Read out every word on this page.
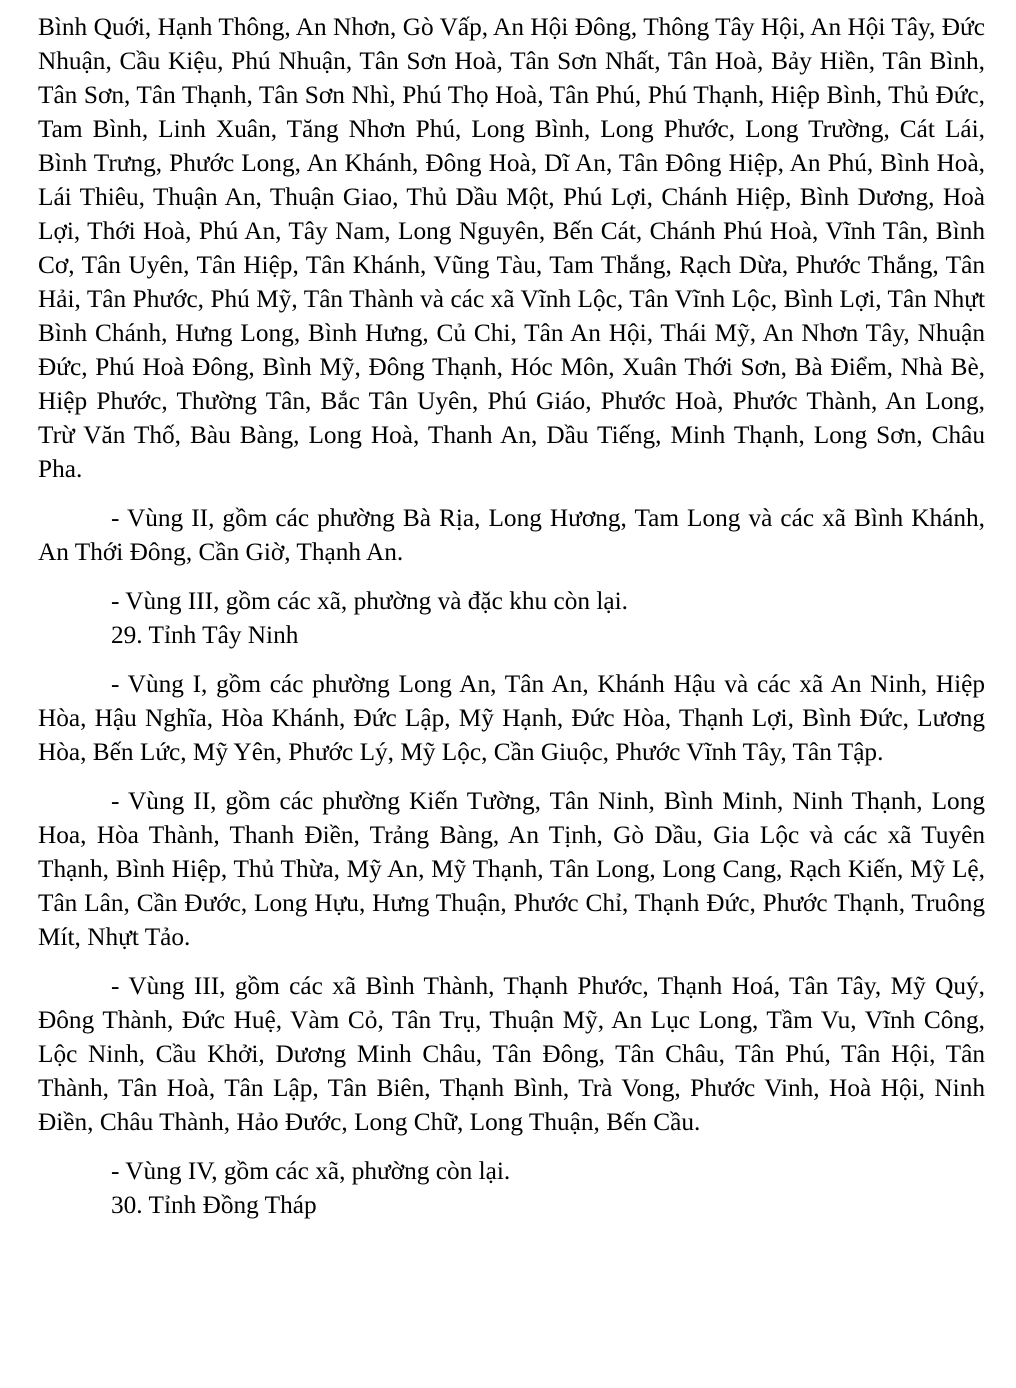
Bình Quới, Hạnh Thông, An Nhơn, Gò Vấp, An Hội Đông, Thông Tây Hội, An Hội Tây, Đức Nhuận, Cầu Kiệu, Phú Nhuận, Tân Sơn Hoà, Tân Sơn Nhất, Tân Hoà, Bảy Hiền, Tân Bình, Tân Sơn, Tân Thạnh, Tân Sơn Nhì, Phú Thọ Hoà, Tân Phú, Phú Thạnh, Hiệp Bình, Thủ Đức, Tam Bình, Linh Xuân, Tăng Nhơn Phú, Long Bình, Long Phước, Long Trường, Cát Lái, Bình Trưng, Phước Long, An Khánh, Đông Hoà, Dĩ An, Tân Đông Hiệp, An Phú, Bình Hoà, Lái Thiêu, Thuận An, Thuận Giao, Thủ Dầu Một, Phú Lợi, Chánh Hiệp, Bình Dương, Hoà Lợi, Thới Hoà, Phú An, Tây Nam, Long Nguyên, Bến Cát, Chánh Phú Hoà, Vĩnh Tân, Bình Cơ, Tân Uyên, Tân Hiệp, Tân Khánh, Vũng Tàu, Tam Thắng, Rạch Dừa, Phước Thắng, Tân Hải, Tân Phước, Phú Mỹ, Tân Thành và các xã Vĩnh Lộc, Tân Vĩnh Lộc, Bình Lợi, Tân Nhựt Bình Chánh, Hưng Long, Bình Hưng, Củ Chi, Tân An Hội, Thái Mỹ, An Nhơn Tây, Nhuận Đức, Phú Hoà Đông, Bình Mỹ, Đông Thạnh, Hóc Môn, Xuân Thới Sơn, Bà Điểm, Nhà Bè, Hiệp Phước, Thường Tân, Bắc Tân Uyên, Phú Giáo, Phước Hoà, Phước Thành, An Long, Trừ Văn Thố, Bàu Bàng, Long Hoà, Thanh An, Dầu Tiếng, Minh Thạnh, Long Sơn, Châu Pha.

- Vùng II, gồm các phường Bà Rịa, Long Hương, Tam Long và các xã Bình Khánh, An Thới Đông, Cần Giờ, Thạnh An.

- Vùng III, gồm các xã, phường và đặc khu còn lại.

29. Tỉnh Tây Ninh

- Vùng I, gồm các phường Long An, Tân An, Khánh Hậu và các xã An Ninh, Hiệp Hòa, Hậu Nghĩa, Hòa Khánh, Đức Lập, Mỹ Hạnh, Đức Hòa, Thạnh Lợi, Bình Đức, Lương Hòa, Bến Lức, Mỹ Yên, Phước Lý, Mỹ Lộc, Cần Giuộc, Phước Vĩnh Tây, Tân Tập.

- Vùng II, gồm các phường Kiến Tường, Tân Ninh, Bình Minh, Ninh Thạnh, Long Hoa, Hòa Thành, Thanh Điền, Trảng Bàng, An Tịnh, Gò Dầu, Gia Lộc và các xã Tuyên Thạnh, Bình Hiệp, Thủ Thừa, Mỹ An, Mỹ Thạnh, Tân Long, Long Cang, Rạch Kiến, Mỹ Lệ, Tân Lân, Cần Đước, Long Hựu, Hưng Thuận, Phước Chỉ, Thạnh Đức, Phước Thạnh, Truông Mít, Nhựt Tảo.

- Vùng III, gồm các xã Bình Thành, Thạnh Phước, Thạnh Hoá, Tân Tây, Mỹ Quý, Đông Thành, Đức Huệ, Vàm Cỏ, Tân Trụ, Thuận Mỹ, An Lục Long, Tầm Vu, Vĩnh Công, Lộc Ninh, Cầu Khởi, Dương Minh Châu, Tân Đông, Tân Châu, Tân Phú, Tân Hội, Tân Thành, Tân Hoà, Tân Lập, Tân Biên, Thạnh Bình, Trà Vong, Phước Vinh, Hoà Hội, Ninh Điền, Châu Thành, Hảo Đước, Long Chữ, Long Thuận, Bến Cầu.

- Vùng IV, gồm các xã, phường còn lại.

30. Tỉnh Đồng Tháp
